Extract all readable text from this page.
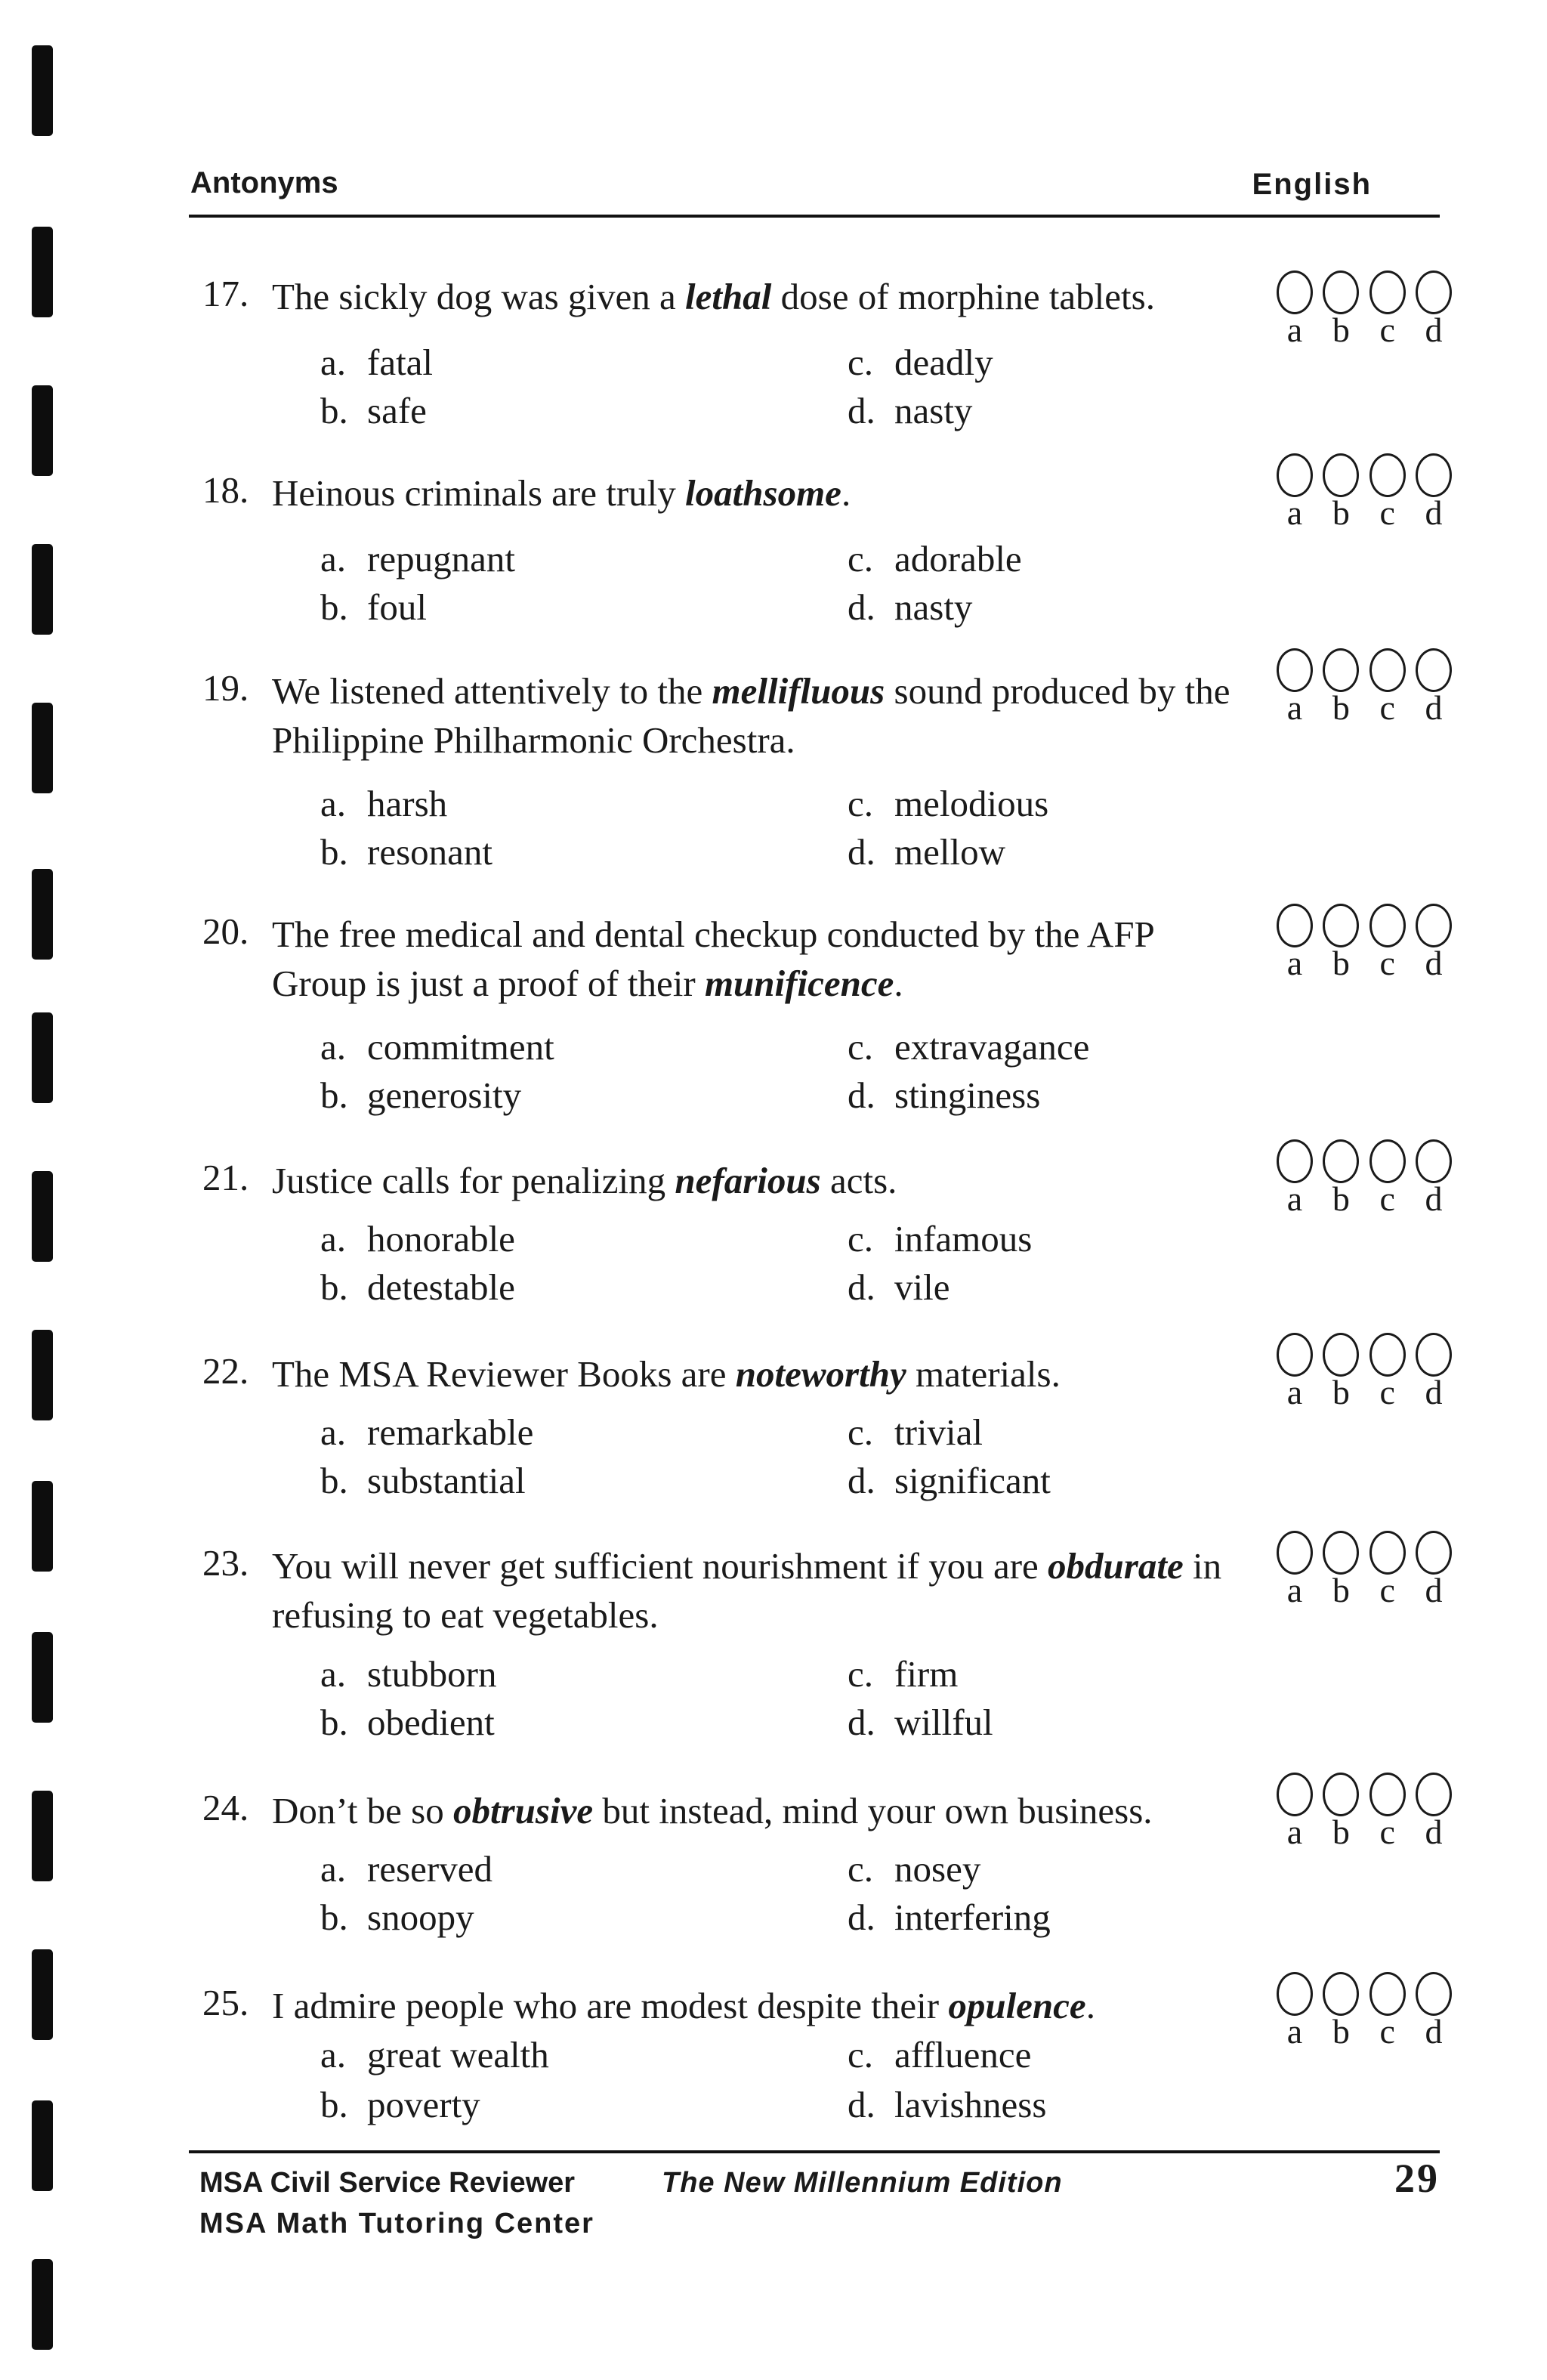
Antonyms	English
17. The sickly dog was given a lethal dose of morphine tablets.
a. fatal
b. safe
c. deadly
d. nasty
a b c d
18. Heinous criminals are truly loathsome.
a. repugnant
b. foul
c. adorable
d. nasty
a b c d
19. We listened attentively to the mellifluous sound produced by the Philippine Philharmonic Orchestra.
a. harsh
b. resonant
c. melodious
d. mellow
a b c d
20. The free medical and dental checkup conducted by the AFP Group is just a proof of their munificence.
a. commitment
b. generosity
c. extravagance
d. stinginess
a b c d
21. Justice calls for penalizing nefarious acts.
a. honorable
b. detestable
c. infamous
d. vile
a b c d
22. The MSA Reviewer Books are noteworthy materials.
a. remarkable
b. substantial
c. trivial
d. significant
a b c d
23. You will never get sufficient nourishment if you are obdurate in refusing to eat vegetables.
a. stubborn
b. obedient
c. firm
d. willful
a b c d
24. Don’t be so obtrusive but instead, mind your own business.
a. reserved
b. snoopy
c. nosey
d. interfering
a b c d
25. I admire people who are modest despite their opulence.
a. great wealth
b. poverty
c. affluence
d. lavishness
a b c d
MSA Civil Service Reviewer	The New Millennium Edition
MSA Math Tutoring Center
29
